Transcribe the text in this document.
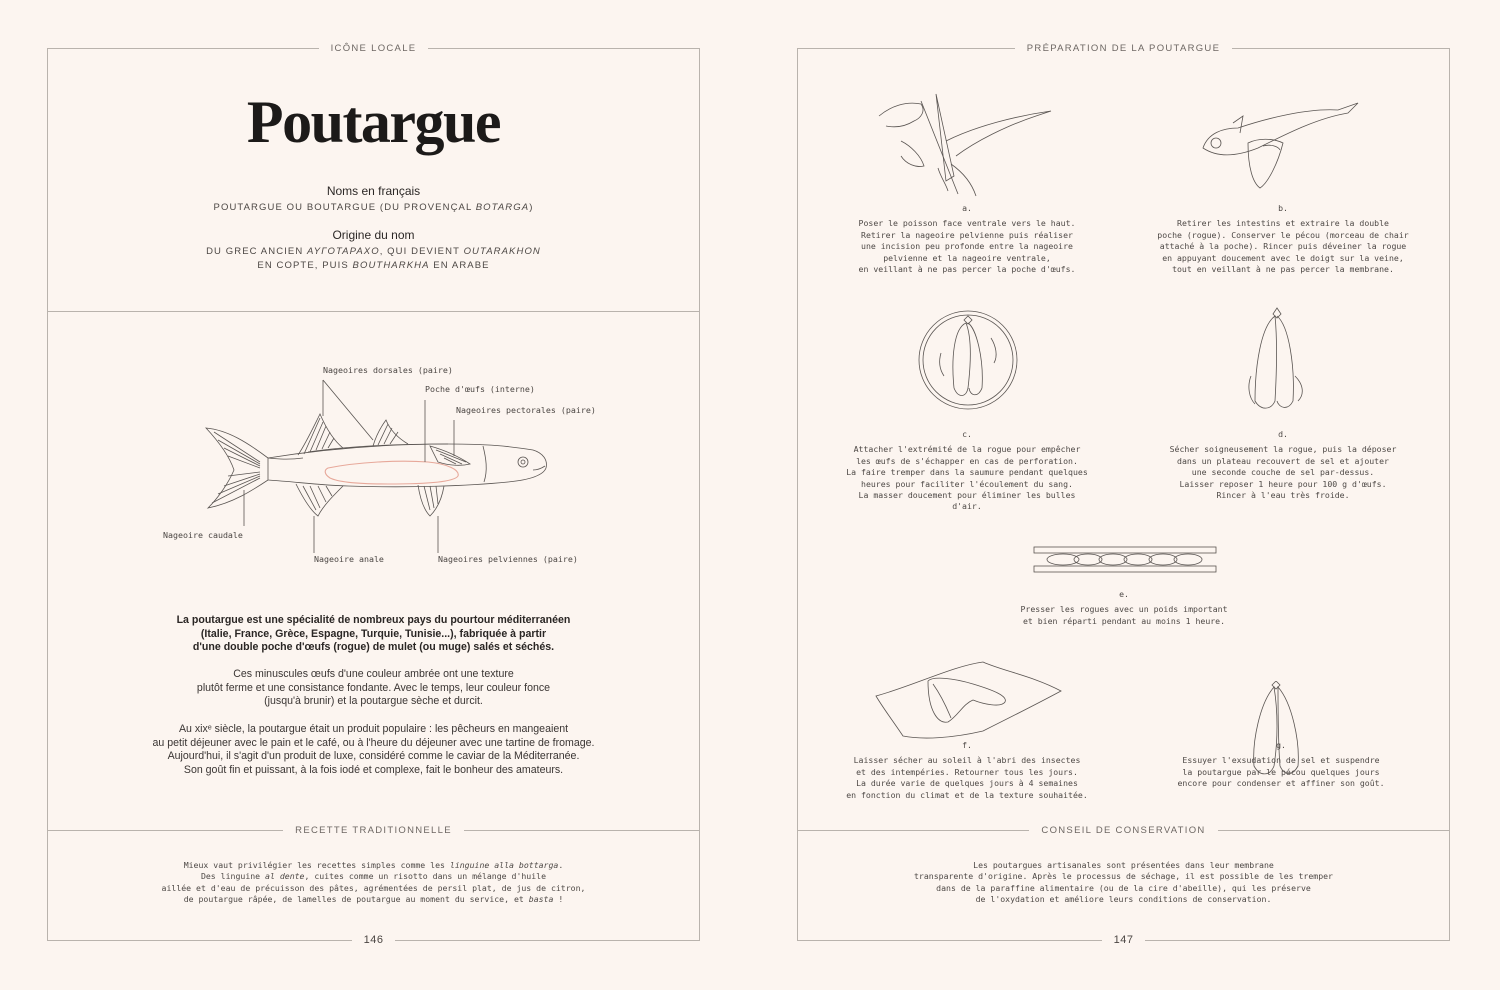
ICÔNE LOCALE
Poutargue
Noms en français
POUTARGUE OU BOUTARGUE (DU PROVENÇAL BOTARGA)
Origine du nom
DU GREC ANCIEN AYГOTAPAXO, QUI DEVIENT OUTARAKHON
EN COPTE, PUIS BOUTHARKHA EN ARABE
Nageoires dorsales (paire)
Poche d'œufs (interne)
Nageoires pectorales (paire)
Nageoire caudale
Nageoire anale	Nageoires pelviennes (paire)
La poutargue est une spécialité de nombreux pays du pourtour méditerranéen
(Italie, France, Grèce, Espagne, Turquie, Tunisie...), fabriquée à partir
d'une double poche d'œufs (rogue) de mulet (ou muge) salés et séchés.
Ces minuscules œufs d'une couleur ambrée ont une texture
plutôt ferme et une consistance fondante. Avec le temps, leur couleur fonce
(jusqu'à brunir) et la poutargue sèche et durcit.
Au xixᵉ siècle, la poutargue était un produit populaire : les pêcheurs en mangeaient
au petit déjeuner avec le pain et le café, ou à l'heure du déjeuner avec une tartine de fromage.
Aujourd'hui, il s'agit d'un produit de luxe, considéré comme le caviar de la Méditerranée.
Son goût fin et puissant, à la fois iodé et complexe, fait le bonheur des amateurs.
RECETTE TRADITIONNELLE
Mieux vaut privilégier les recettes simples comme les linguine alla bottarga.
Des linguine al dente, cuites comme un risotto dans un mélange d'huile
aillée et d'eau de précuisson des pâtes, agrémentées de persil plat, de jus de citron,
de poutargue râpée, de lamelles de poutargue au moment du service, et basta !
146
PRÉPARATION DE LA POUTARGUE
a.
Poser le poisson face ventrale vers le haut.
Retirer la nageoire pelvienne puis réaliser
une incision peu profonde entre la nageoire
pelvienne et la nageoire ventrale,
en veillant à ne pas percer la poche d'œufs.
b.
Retirer les intestins et extraire la double
poche (rogue). Conserver le pécou (morceau de chair
attaché à la poche). Rincer puis déveiner la rogue
en appuyant doucement avec le doigt sur la veine,
tout en veillant à ne pas percer la membrane.
c.
Attacher l'extrémité de la rogue pour empêcher
les œufs de s'échapper en cas de perforation.
La faire tremper dans la saumure pendant quelques
heures pour faciliter l'écoulement du sang.
La masser doucement pour éliminer les bulles d'air.
d.
Sécher soigneusement la rogue, puis la déposer
dans un plateau recouvert de sel et ajouter
une seconde couche de sel par-dessus.
Laisser reposer 1 heure pour 100 g d'œufs.
Rincer à l'eau très froide.
e.
Presser les rogues avec un poids important
et bien réparti pendant au moins 1 heure.
f.
Laisser sécher au soleil à l'abri des insectes
et des intempéries. Retourner tous les jours.
La durée varie de quelques jours à 4 semaines
en fonction du climat et de la texture souhaitée.
g.
Essuyer l'exsudation de sel et suspendre
la poutargue par le pécou quelques jours
encore pour condenser et affiner son goût.
CONSEIL DE CONSERVATION
Les poutargues artisanales sont présentées dans leur membrane
transparente d'origine. Après le processus de séchage, il est possible de les tremper
dans de la paraffine alimentaire (ou de la cire d'abeille), qui les préserve
de l'oxydation et améliore leurs conditions de conservation.
147
